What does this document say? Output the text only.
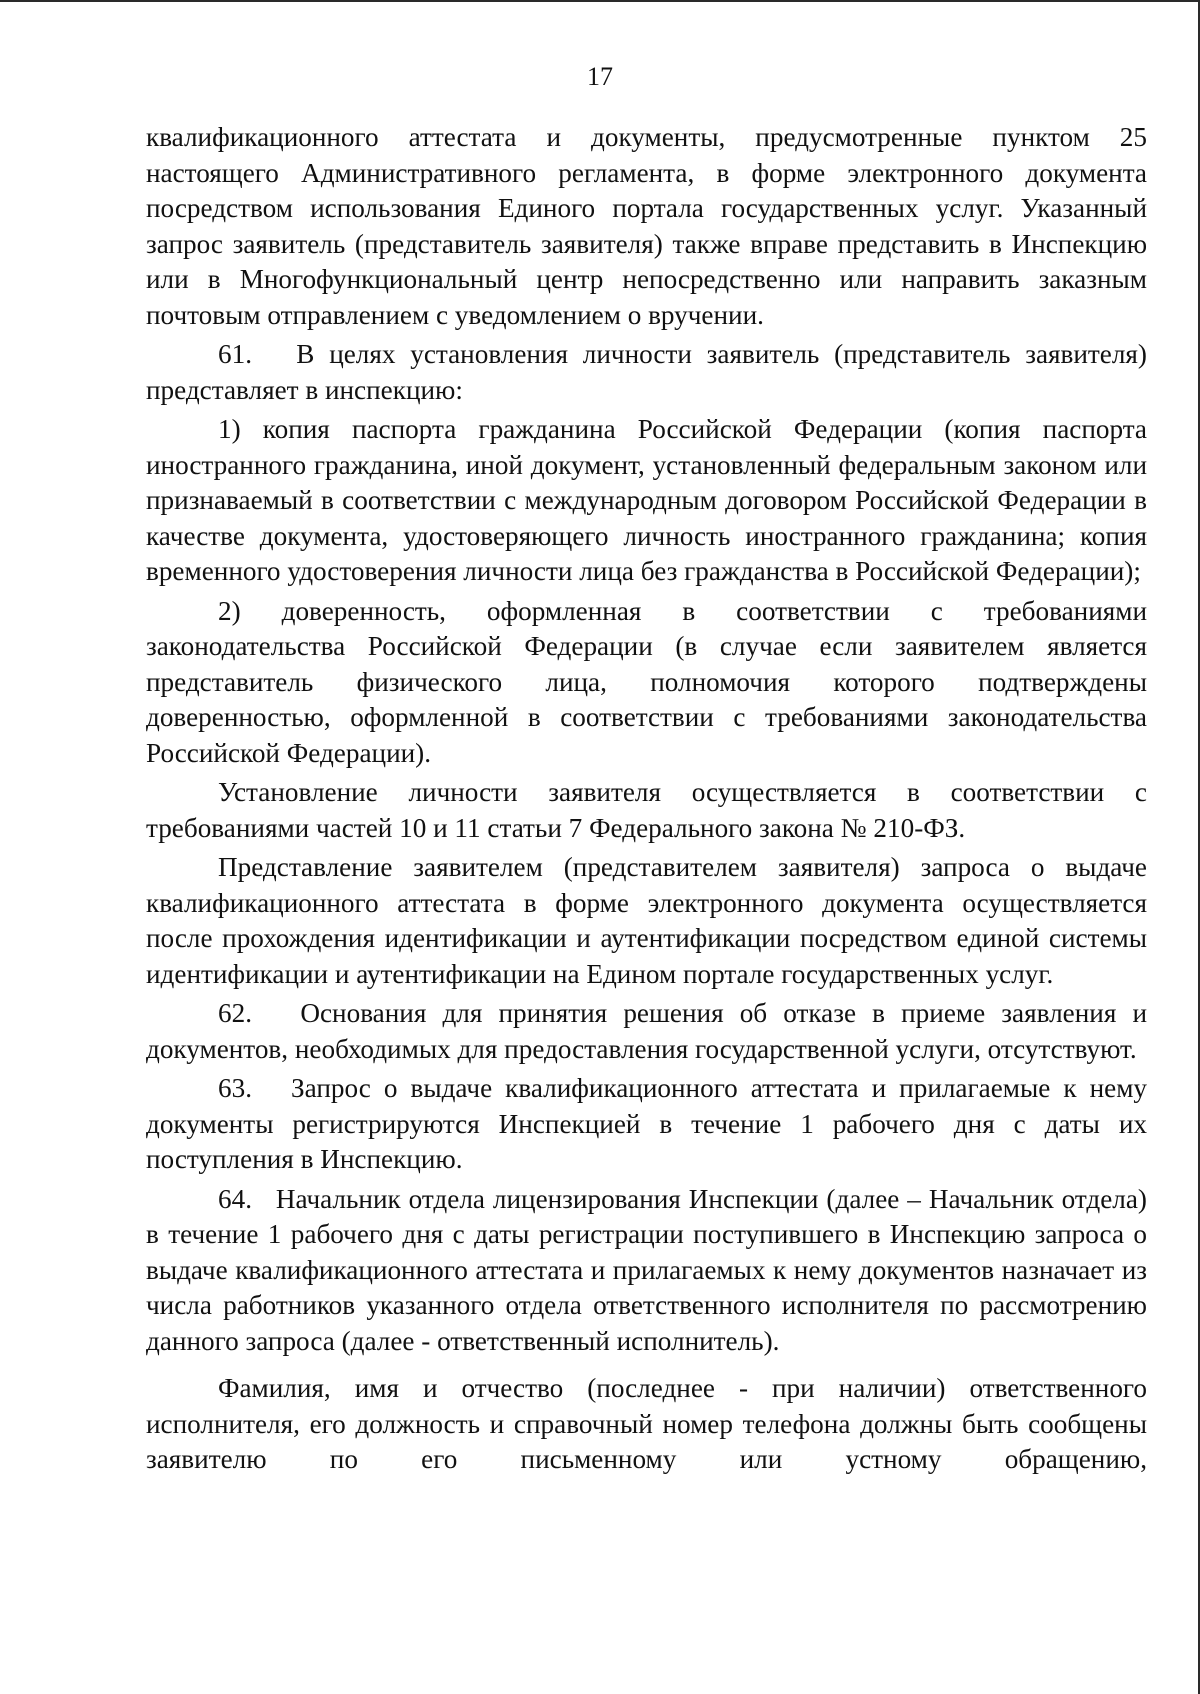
17

квалификационного аттестата и документы, предусмотренные пунктом 25 настоящего Административного регламента, в форме электронного документа посредством использования Единого портала государственных услуг. Указанный запрос заявитель (представитель заявителя) также вправе представить в Инспекцию или в Многофункциональный центр непосредственно или направить заказным почтовым отправлением с уведомлением о вручении.

61.   В целях установления личности заявитель (представитель заявителя) представляет в инспекцию:

1) копия паспорта гражданина Российской Федерации (копия паспорта иностранного гражданина, иной документ, установленный федеральным законом или признаваемый в соответствии с международным договором Российской Федерации в качестве документа, удостоверяющего личность иностранного гражданина; копия временного удостоверения личности лица без гражданства в Российской Федерации);

2) доверенность, оформленная в соответствии с требованиями законодательства Российской Федерации (в случае если заявителем является представитель физического лица, полномочия которого подтверждены доверенностью, оформленной в соответствии с требованиями законодательства Российской Федерации).

Установление личности заявителя осуществляется в соответствии с требованиями частей 10 и 11 статьи 7 Федерального закона № 210-ФЗ.

Представление заявителем (представителем заявителя) запроса о выдаче квалификационного аттестата в форме электронного документа осуществляется после прохождения идентификации и аутентификации посредством единой системы идентификации и аутентификации на Едином портале государственных услуг.

62.   Основания для принятия решения об отказе в приеме заявления и документов, необходимых для предоставления государственной услуги, отсутствуют.

63.   Запрос о выдаче квалификационного аттестата и прилагаемые к нему документы регистрируются Инспекцией в течение 1 рабочего дня с даты их поступления в Инспекцию.

64.   Начальник отдела лицензирования Инспекции (далее – Начальник отдела) в течение 1 рабочего дня с даты регистрации поступившего в Инспекцию запроса о выдаче квалификационного аттестата и прилагаемых к нему документов назначает из числа работников указанного отдела ответственного исполнителя по рассмотрению данного запроса (далее - ответственный исполнитель).

Фамилия, имя и отчество (последнее - при наличии) ответственного исполнителя, его должность и справочный номер телефона должны быть сообщены заявителю по его письменному или устному обращению,
